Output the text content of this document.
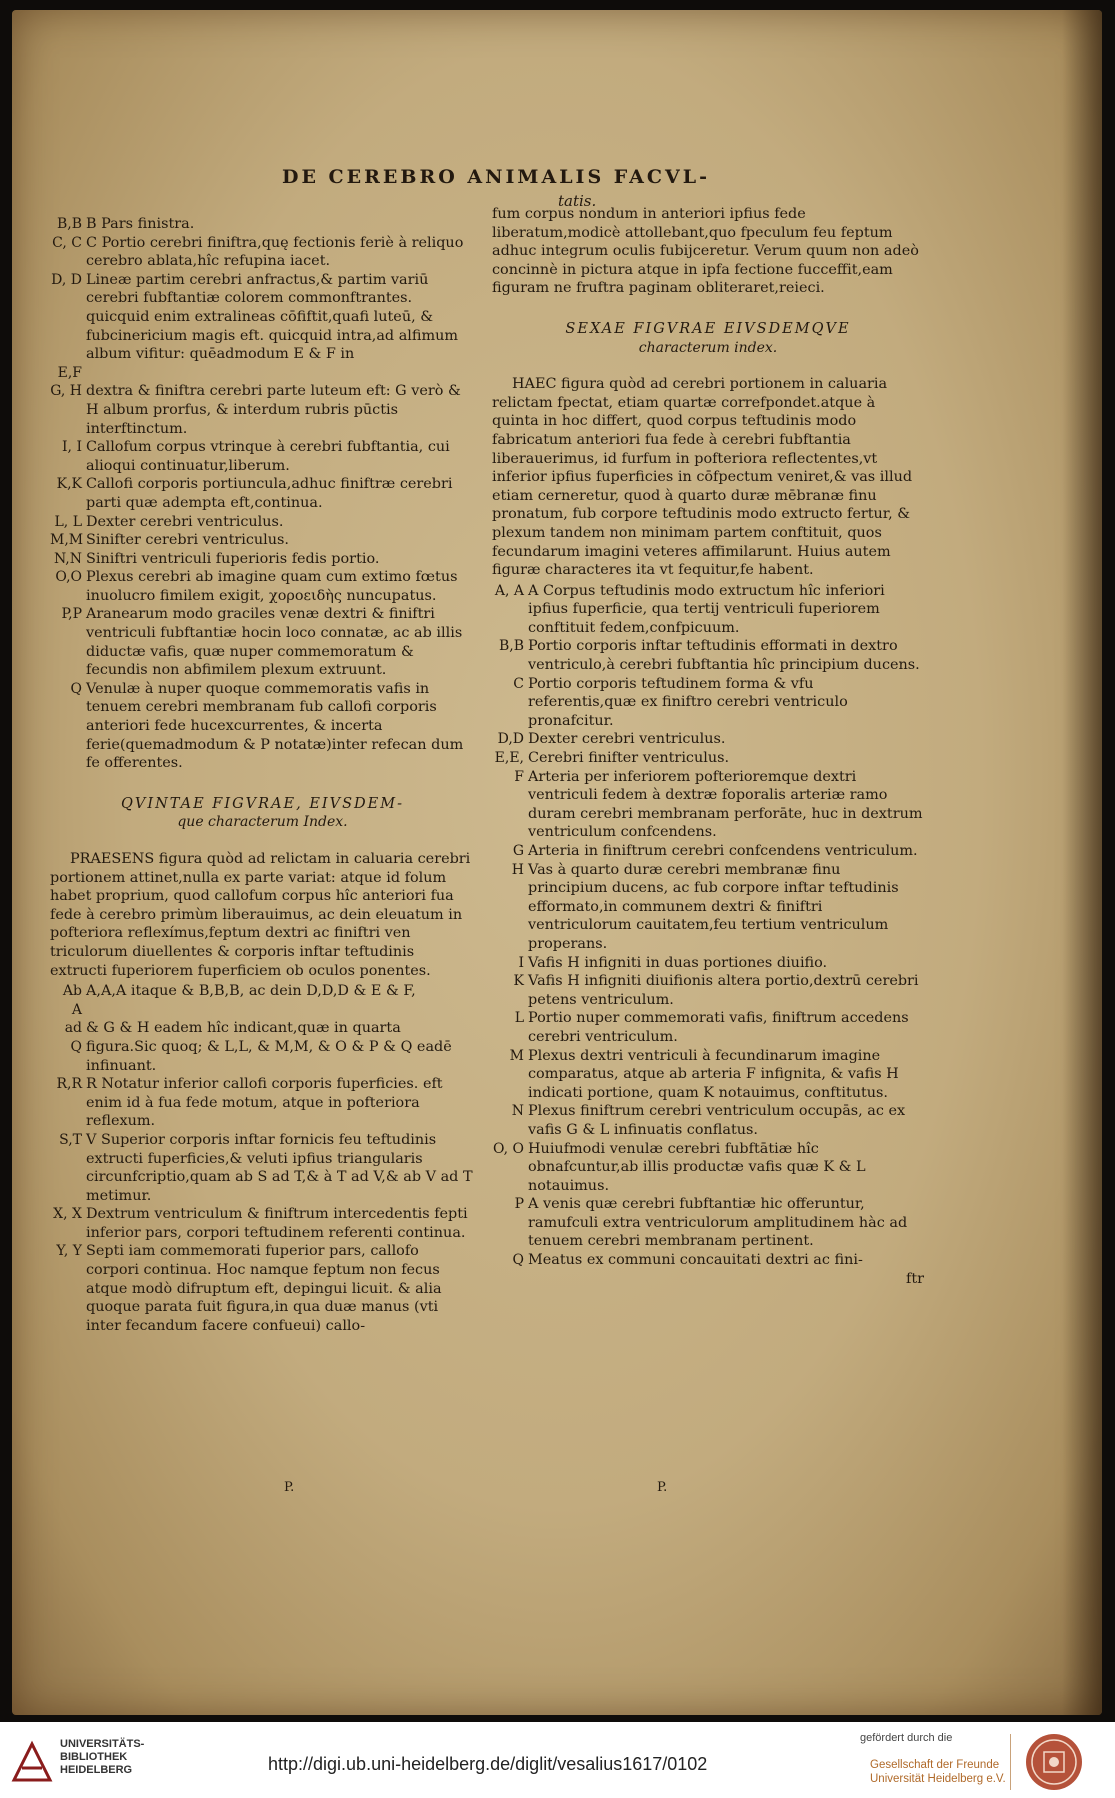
DE CEREBRO ANIMALIS FACVL-
tatis.
B,B B Pars finistra.
C, C C Portio cerebri finiftra,quę fectionis feriè à reliquo cerebro ablata,hîc refupina iacet.
D, D Lineæ partim cerebri anfractus,& partim variū cerebri fubftantiæ colorem commonftrantes. quicquid enim extralineas cōfiftit,quafi luteū, & fubcinericium magis eft. quicquid intra,ad alfimum album vifitur: quēadmodum E & F in
E,F
G, H dextra & finiftra cerebri parte luteum eft: G verò & H album prorfus, & interdum rubris pūctis interftinctum.
I, I Callofum corpus vtrinque à cerebri fubftantia, cui alioqui continuatur,liberum.
K,K Callofi corporis portiuncula,adhuc finiftræ cerebri parti quæ adempta eft,continua.
L, L Dexter cerebri ventriculus.
M,M Sinifter cerebri ventriculus.
N,N Siniftri ventriculi fuperioris fedis portio.
O,O Plexus cerebri ab imagine quam cum extimo fœtus inuolucro fimilem exigit, χοροειδὴς nuncupatus.
P,P Aranearum modo graciles venæ dextri & finiftri ventriculi fubftantiæ hocin loco connatæ, ac ab illis diductæ vafis, quæ nuper commemoratum & fecundis non abfimilem plexum extruunt.
Q Venulæ à nuper quoque commemoratis vafis in tenuem cerebri membranam fub callofi corporis anteriori fede hucexcurrentes, & incerta ferie(quemadmodum & P notatæ)inter refecan dum fe offerentes.
QVINTAE FIGVRAE, EIVSDEM-
que characterum Index.

PRAESENS figura quòd ad relictam in caluaria cerebri portionem attinet,nulla ex parte variat: atque id folum habet proprium, quod callofum corpus hîc anteriori fua fede à cerebro primùm liberauimus, ac dein eleuatum in pofteriora reflexímus,feptum dextri ac finiftri ven triculorum diuellentes & corporis inftar teftudinis extructi fuperiorem fuperficiem ob oculos ponentes.

Ab A
A,A,A itaque & B,B,B, ac dein D,D,D & E & F,
ad Q
& G & H eadem hîc indicant,quæ in quarta figura.Sic quoq; & L,L, & M,M, & O & P & Q eadē infinuant.
R,R R Notatur inferior callofi corporis fuperficies. eft enim id à fua fede motum, atque in pofteriora reflexum.
S,T V Superior corporis inftar fornicis feu teftudinis extructi fuperficies,& veluti ipfius triangularis circunfcriptio,quam ab S ad T,& à T ad V,& ab V ad T metimur.
X, X Dextrum ventriculum & finiftrum intercedentis fepti inferior pars, corpori teftudinem referenti continua.
Y, Y Septi iam commemorati fuperior pars, callofo corpori continua. Hoc namque feptum non fecus atque modò difruptum eft, depingui licuit. & alia quoque parata fuit figura,in qua duæ manus (vti inter fecandum facere confueui) callo-

fum corpus nondum in anteriori ipfius fede liberatum,modicè attollebant,quo fpeculum feu feptum adhuc integrum oculis fubijceretur. Verum quum non adeò concinnè in pictura atque in ipfa fectione fucceffit,eam figuram ne fruftra paginam obliteraret,reieci.

SEXAE FIGVRAE EIVSDEMQVE
characterum index.

HAEC figura quòd ad cerebri portionem in caluaria relictam fpectat, etiam quartæ correfpondet.atque à quinta in hoc differt, quod corpus teftudinis modo fabricatum anteriori fua fede à cerebri fubftantia liberauerimus, id furfum in pofteriora reflectentes,vt inferior ipfius fuperficies in cōfpectum veniret,& vas illud etiam cerneretur, quod à quarto duræ mēbranæ finu pronatum, fub corpore teftudinis modo extructo fertur, & plexum tandem non minimam partem conftituit, quos fecundarum imagini veteres affimilarunt. Huius autem figuræ characteres ita vt fequitur,fe habent.

A, A A Corpus teftudinis modo extructum hîc inferiori ipfius fuperficie, qua tertij ventriculi fuperiorem conftituit fedem,confpicuum.
B,B Portio corporis inftar teftudinis efformati in dextro ventriculo,à cerebri fubftantia hîc principium ducens.
C Portio corporis teftudinem forma & vfu referentis,quæ ex finiftro cerebri ventriculo pronafcitur.
D,D Dexter cerebri ventriculus.
E,E, Cerebri finifter ventriculus.
F Arteria per inferiorem pofterioremque dextri ventriculi fedem à dextræ foporalis arteriæ ramo duram cerebri membranam perforāte, huc in dextrum ventriculum confcendens.
G Arteria in finiftrum cerebri confcendens ventriculum.
H Vas à quarto duræ cerebri membranæ finu principium ducens, ac fub corpore inftar teftudinis efformato,in communem dextri & finiftri ventriculorum cauitatem,feu tertium ventriculum properans.
I Vafis H infigniti in duas portiones diuifio.
K Vafis H infigniti diuifionis altera portio,dextrū cerebri petens ventriculum.
L Portio nuper commemorati vafis, finiftrum accedens cerebri ventriculum.
M Plexus dextri ventriculi à fecundinarum imagine comparatus, atque ab arteria F infignita, & vafis H indicati portione, quam K notauimus, conftitutus.
N Plexus finiftrum cerebri ventriculum occupās, ac ex vafis G & L infinuatis conflatus.
O, O Huiufmodi venulæ cerebri fubftātiæ hîc obnafcuntur,ab illis productæ vafis quæ K & L notauimus.
P A venis quæ cerebri fubftantiæ hic offeruntur, ramufculi extra ventriculorum amplitudinem hàc ad tenuem cerebri membranam pertinent.
Q Meatus ex communi concauitati dextri ac fini-
ftr
P.	P.
UNIVERSITÄTS-
BIBLIOTHEK
HEIDELBERG	http://digi.ub.uni-heidelberg.de/diglit/vesalius1617/0102
gefördert durch die
Gesellschaft der Freunde
Universität Heidelberg e.V.
